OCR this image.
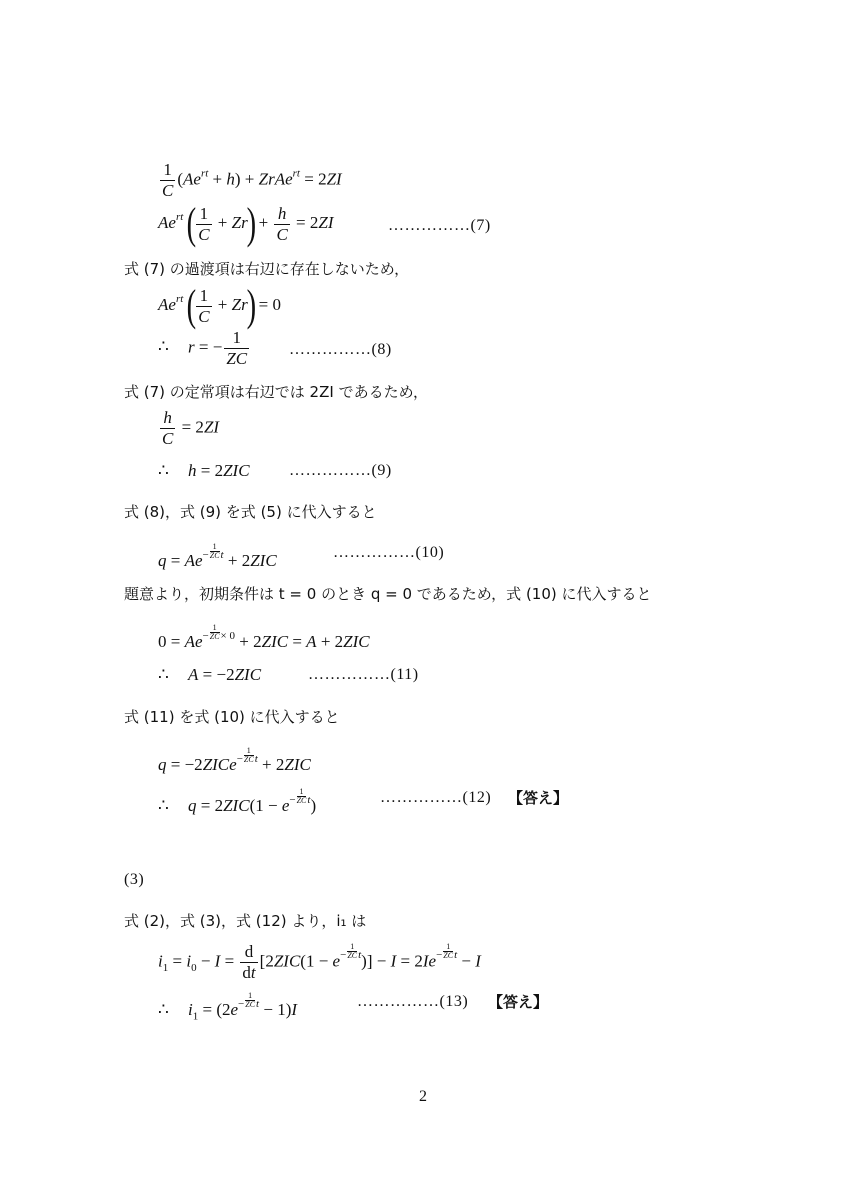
$\frac{1}{C} (Ae^{rt} + h)$ + ZrAe$^{rt}$ = 2ZI
$Ae^{rt}$ ( $\frac{1}{C} + Zr) + \frac{h}{C} = 2ZI$	……………(7)
式 (7) の過渡項は右辺に存在しないため，
$Ae^{rt}$ ( $\frac{1}{C} + Zr) = 0$
∴ r = − $\frac{1}{ZC}$ ……………(8)
式 (7) の定常項は右辺では 2ZI であるため，
$\frac{h}{C} = 2ZI$
∴ h = 2ZIC ……………(9)
式 (8)，式 (9) を式 (5) に代入すると
$q = Ae^{- \frac{1}{ZC} t} + 2ZIC$	……………(10)
題意より，初期条件は t = 0 のとき q = 0 であるため，式 (10) に代入すると
$0 = Ae^{- \frac{1}{ZC} \times 0} + 2ZIC = A + 2ZIC$
∴ A = −2ZIC	……………(11)
式 (11) を式 (10) に代入すると
q = −2ZICe$^{- \frac{1}{ZC} t}$ + 2ZIC
∴ $q = 2ZIC(1 - e^{- \frac{1}{ZC} t})$	……………(12) 【答え】
(3)
式 (2)，式 (3)，式 (12) より，i₁ は
$i_1 = i_0 - I = \frac{d}{dt} [2ZIC(1 - e^{- \frac{1}{ZC} t})] - I = 2Ie^{- \frac{1}{ZC} t} - I$
∴ $i_1 = (2e^{- \frac{1}{ZC} t} - 1)I$	……………(13) 【答え】
2
